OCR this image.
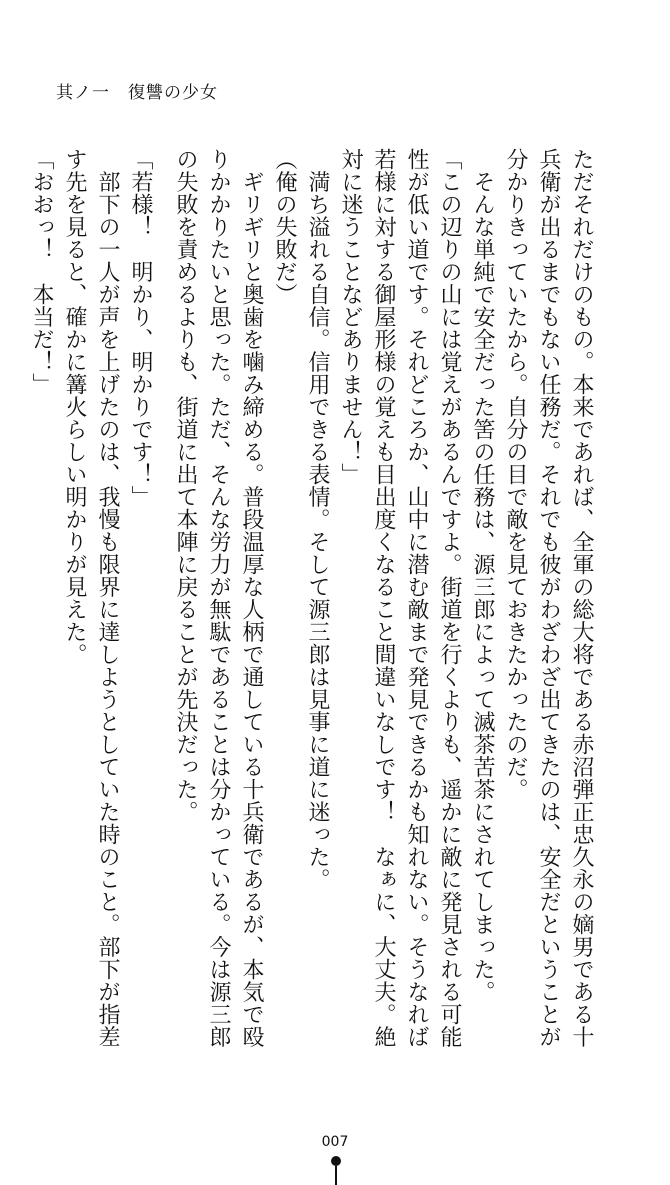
其ノ一　復讐の少女
ただそれだけのもの。本来であれば、全軍の総大将である赤沼弾正忠久永の嫡男である十
兵衛が出るまでもない任務だ。それでも彼がわざわざ出てきたのは、安全だということが
分かりきっていたから。自分の目で敵を見ておきたかったのだ。
　そんな単純で安全だった筈の任務は、源三郎によって滅茶苦茶にされてしまった。
「この辺りの山には覚えがあるんですよ。街道を行くよりも、遥かに敵に発見される可能
性が低い道です。それどころか、山中に潜む敵まで発見できるかも知れない。そうなれば
若様に対する御屋形様の覚えも目出度くなること間違いなしです！　なぁに、大丈夫。絶
対に迷うことなどありません！」
　満ち溢れる自信。信用できる表情。そして源三郎は見事に道に迷った。
（俺の失敗だ）
　ギリギリと奥歯を噛み締める。普段温厚な人柄で通している十兵衛であるが、本気で殴
りかかりたいと思った。ただ、そんな労力が無駄であることは分かっている。今は源三郎
の失敗を責めるよりも、街道に出て本陣に戻ることが先決だった。
「若様！　明かり、明かりです！」
　部下の一人が声を上げたのは、我慢も限界に達しようとしていた時のこと。部下が指差
す先を見ると、確かに篝火らしい明かりが見えた。
「おおっ！　本当だ！」
007
